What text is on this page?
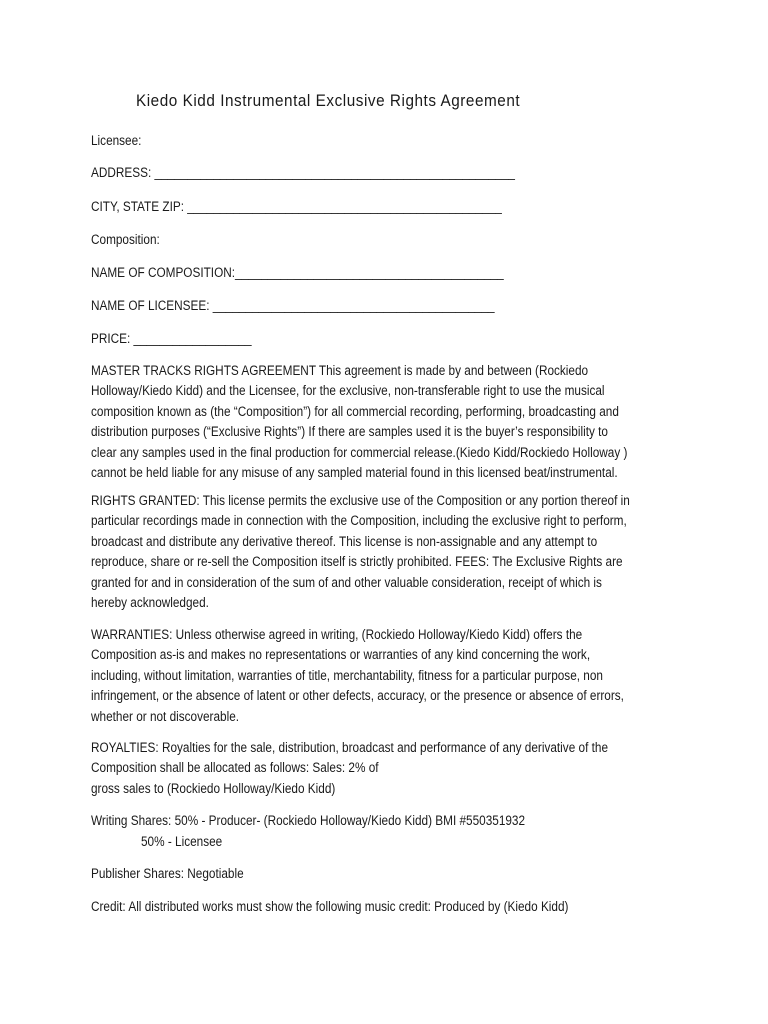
Kiedo Kidd Instrumental Exclusive Rights Agreement
Licensee:
ADDRESS: _______________________________________________________
CITY, STATE ZIP: ________________________________________________
Composition:
NAME OF COMPOSITION:_________________________________________
NAME OF LICENSEE: ___________________________________________
PRICE: __________________
MASTER TRACKS RIGHTS AGREEMENT This agreement is made by and between (Rockiedo
Holloway/Kiedo Kidd) and the Licensee, for the exclusive, non-transferable right to use the musical
composition known as (the “Composition”) for all commercial recording, performing, broadcasting and
distribution purposes (“Exclusive Rights”) If there are samples used it is the buyer’s responsibility to
clear any samples used in the final production for commercial release.(Kiedo Kidd/Rockiedo Holloway )
cannot be held liable for any misuse of any sampled material found in this licensed beat/instrumental.
RIGHTS GRANTED: This license permits the exclusive use of the Composition or any portion thereof in
particular recordings made in connection with the Composition, including the exclusive right to perform,
broadcast and distribute any derivative thereof. This license is non-assignable and any attempt to
reproduce, share or re-sell the Composition itself is strictly prohibited. FEES: The Exclusive Rights are
granted for and in consideration of the sum of and other valuable consideration, receipt of which is
hereby acknowledged.
WARRANTIES: Unless otherwise agreed in writing, (Rockiedo Holloway/Kiedo Kidd) offers the
Composition as-is and makes no representations or warranties of any kind concerning the work,
including, without limitation, warranties of title, merchantability, fitness for a particular purpose, non
infringement, or the absence of latent or other defects, accuracy, or the presence or absence of errors,
whether or not discoverable.
ROYALTIES: Royalties for the sale, distribution, broadcast and performance of any derivative of the
Composition shall be allocated as follows: Sales: 2% of
gross sales to (Rockiedo Holloway/Kiedo Kidd)
Writing Shares: 50% - Producer- (Rockiedo Holloway/Kiedo Kidd) BMI #550351932
50% - Licensee
Publisher Shares: Negotiable
Credit: All distributed works must show the following music credit: Produced by (Kiedo Kidd)
